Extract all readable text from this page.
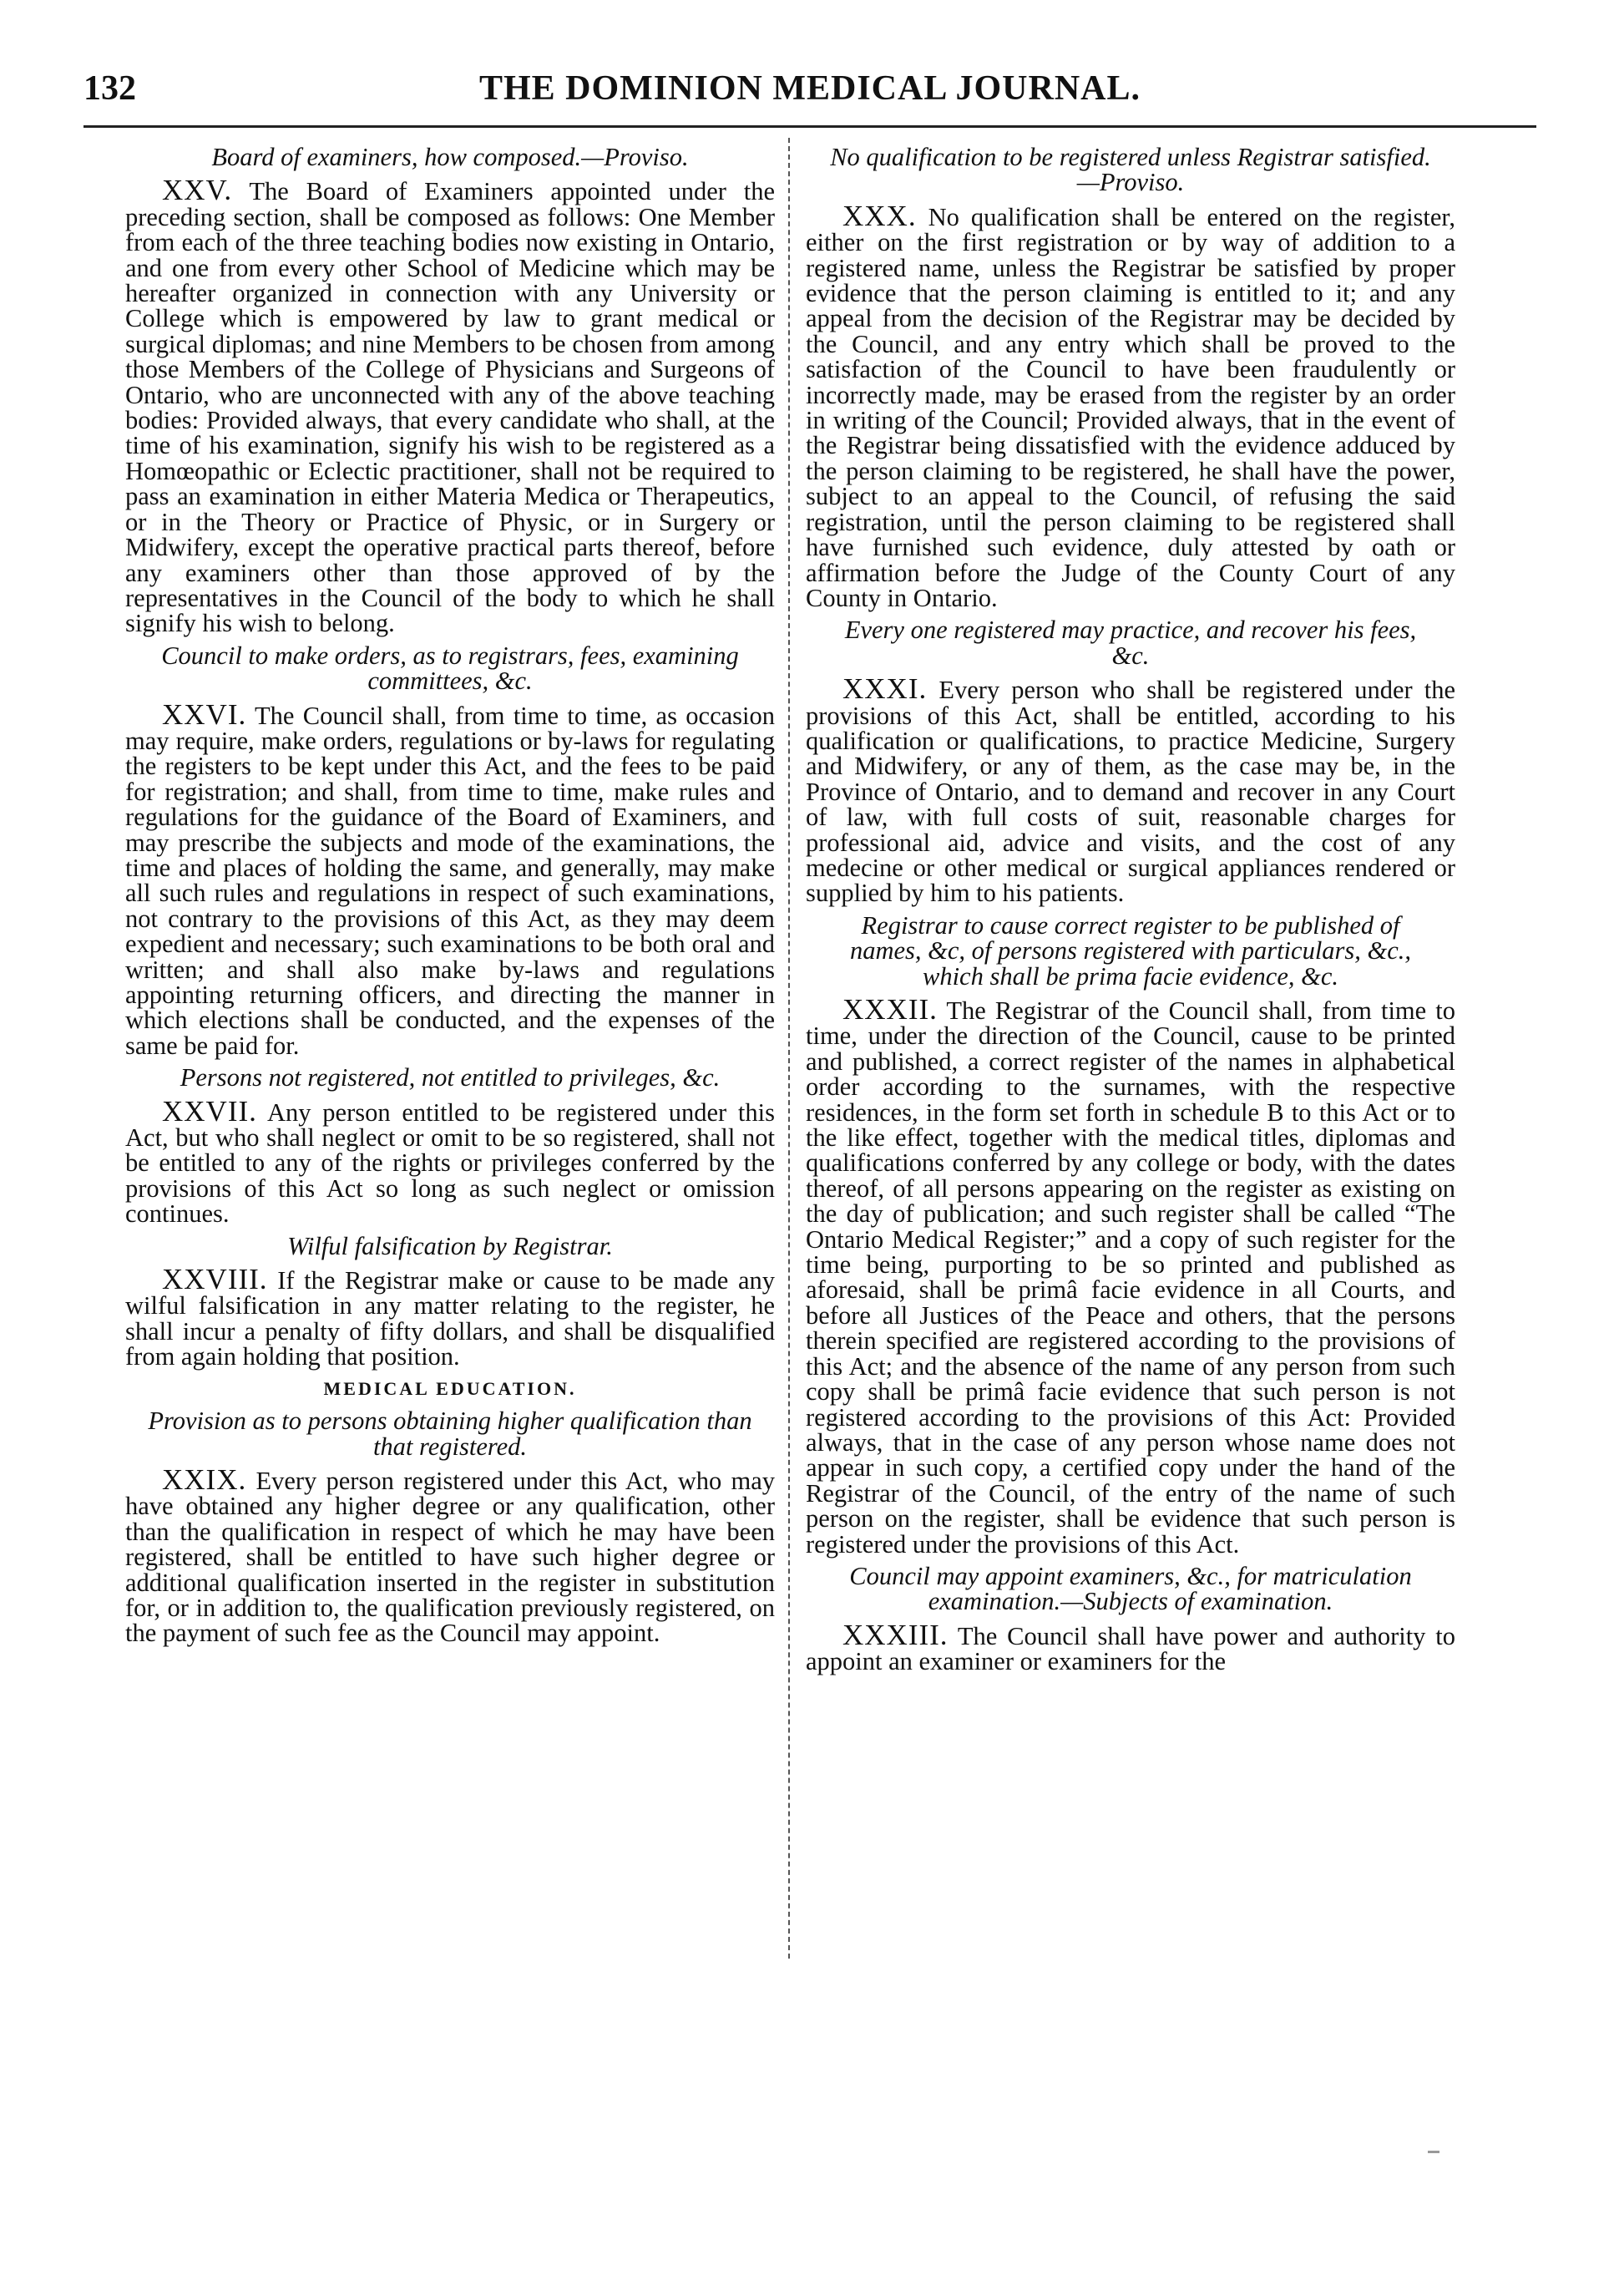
132	THE DOMINION MEDICAL JOURNAL.
Board of examiners, how composed.—Proviso.

XXV. The Board of Examiners appointed under the preceding section, shall be composed as follows: One Member from each of the three teaching bodies now existing in Ontario, and one from every other School of Medicine which may be hereafter organized in connection with any University or College which is empowered by law to grant medical or surgical diplomas; and nine Members to be chosen from among those Members of the College of Physicians and Surgeons of Ontario, who are unconnected with any of the above teaching bodies: Provided always, that every candidate who shall, at the time of his examination, signify his wish to be registered as a Homœopathic or Eclectic practitioner, shall not be required to pass an examination in either Materia Medica or Therapeutics, or in the Theory or Practice of Physic, or in Surgery or Midwifery, except the operative practical parts thereof, before any examiners other than those approved of by the representatives in the Council of the body to which he shall signify his wish to belong.

Council to make orders, as to registrars, fees, examining committees, &c.

XXVI. The Council shall, from time to time, as occasion may require, make orders, regulations or by-laws for regulating the registers to be kept under this Act, and the fees to be paid for registration; and shall, from time to time, make rules and regulations for the guidance of the Board of Examiners, and may prescribe the subjects and mode of the examinations, the time and places of holding the same, and generally, may make all such rules and regulations in respect of such examinations, not contrary to the provisions of this Act, as they may deem expedient and necessary; such examinations to be both oral and written; and shall also make by-laws and regulations appointing returning officers, and directing the manner in which elections shall be conducted, and the expenses of the same be paid for.

Persons not registered, not entitled to privileges, &c.

XXVII. Any person entitled to be registered under this Act, but who shall neglect or omit to be so registered, shall not be entitled to any of the rights or privileges conferred by the provisions of this Act so long as such neglect or omission continues.

Wilful falsification by Registrar.

XXVIII. If the Registrar make or cause to be made any wilful falsification in any matter relating to the register, he shall incur a penalty of fifty dollars, and shall be disqualified from again holding that position.

MEDICAL EDUCATION.
Provision as to persons obtaining higher qualification than that registered.

XXIX. Every person registered under this Act, who may have obtained any higher degree or any qualification, other than the qualification in respect of which he may have been registered, shall be entitled to have such higher degree or additional qualification inserted in the register in substitution for, or in addition to, the qualification previously registered, on the payment of such fee as the Council may appoint.

No qualification to be registered unless Registrar satisfied.—Proviso.

XXX. No qualification shall be entered on the register, either on the first registration or by way of addition to a registered name, unless the Registrar be satisfied by proper evidence that the person claiming is entitled to it; and any appeal from the decision of the Registrar may be decided by the Council, and any entry which shall be proved to the satisfaction of the Council to have been fraudulently or incorrectly made, may be erased from the register by an order in writing of the Council; Provided always, that in the event of the Registrar being dissatisfied with the evidence adduced by the person claiming to be registered, he shall have the power, subject to an appeal to the Council, of refusing the said registration, until the person claiming to be registered shall have furnished such evidence, duly attested by oath or affirmation before the Judge of the County Court of any County in Ontario.

Every one registered may practice, and recover his fees, &c.

XXXI. Every person who shall be registered under the provisions of this Act, shall be entitled, according to his qualification or qualifications, to practice Medicine, Surgery and Midwifery, or any of them, as the case may be, in the Province of Ontario, and to demand and recover in any Court of law, with full costs of suit, reasonable charges for professional aid, advice and visits, and the cost of any medecine or other medical or surgical appliances rendered or supplied by him to his patients.

Registrar to cause correct register to be published of names, &c, of persons registered with particulars, &c., which shall be prima facie evidence, &c.

XXXII. The Registrar of the Council shall, from time to time, under the direction of the Council, cause to be printed and published, a correct register of the names in alphabetical order according to the surnames, with the respective residences, in the form set forth in schedule B to this Act or to the like effect, together with the medical titles, diplomas and qualifications conferred by any college or body, with the dates thereof, of all persons appearing on the register as existing on the day of publication; and such register shall be called “The Ontario Medical Register;” and a copy of such register for the time being, purporting to be so printed and published as aforesaid, shall be primâ facie evidence in all Courts, and before all Justices of the Peace and others, that the persons therein specified are registered according to the provisions of this Act; and the absence of the name of any person from such copy shall be primâ facie evidence that such person is not registered according to the provisions of this Act: Provided always, that in the case of any person whose name does not appear in such copy, a certified copy under the hand of the Registrar of the Council, of the entry of the name of such person on the register, shall be evidence that such person is registered under the provisions of this Act.

Council may appoint examiners, &c., for matriculation examination.—Subjects of examination.

XXXIII. The Council shall have power and authority to appoint an examiner or examiners for the
